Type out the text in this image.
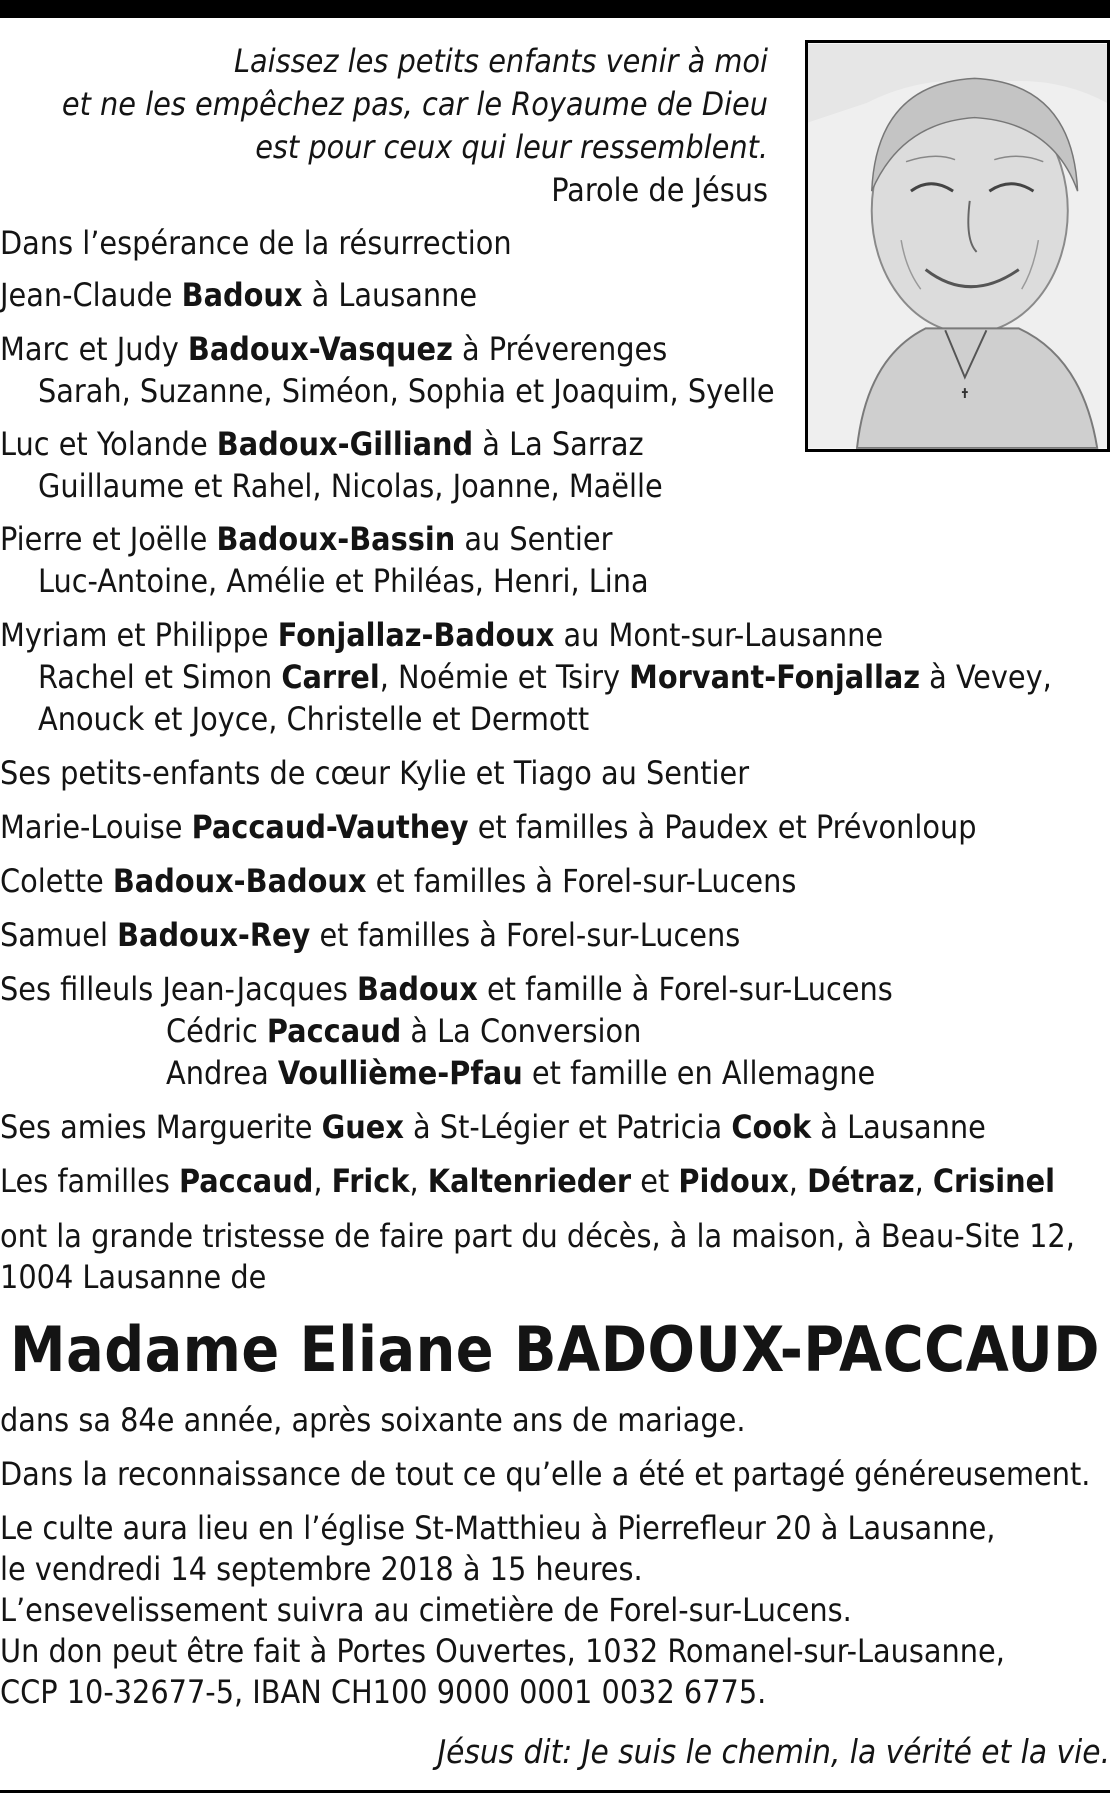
Laissez les petits enfants venir à moi
et ne les empêchez pas, car le Royaume de Dieu
est pour ceux qui leur ressemblent.
Parole de Jésus
Dans l’espérance de la résurrection
Jean-Claude Badoux à Lausanne
Marc et Judy Badoux-Vasquez à Préverenges
Sarah, Suzanne, Siméon, Sophia et Joaquim, Syelle
Luc et Yolande Badoux-Gilliand à La Sarraz
Guillaume et Rahel, Nicolas, Joanne, Maëlle
Pierre et Joëlle Badoux-Bassin au Sentier
Luc-Antoine, Amélie et Philéas, Henri, Lina
Myriam et Philippe Fonjallaz-Badoux au Mont-sur-Lausanne
Rachel et Simon Carrel, Noémie et Tsiry Morvant-Fonjallaz à Vevey,
Anouck et Joyce, Christelle et Dermott
Ses petits-enfants de cœur Kylie et Tiago au Sentier
Marie-Louise Paccaud-Vauthey et familles à Paudex et Prévonloup
Colette Badoux-Badoux et familles à Forel-sur-Lucens
Samuel Badoux-Rey et familles à Forel-sur-Lucens
Ses filleuls Jean-Jacques Badoux et famille à Forel-sur-Lucens
Cédric Paccaud à La Conversion
Andrea Voullième-Pfau et famille en Allemagne
Ses amies Marguerite Guex à St-Légier et Patricia Cook à Lausanne
Les familles Paccaud, Frick, Kaltenrieder et Pidoux, Détraz, Crisinel
ont la grande tristesse de faire part du décès, à la maison, à Beau-Site 12,
1004 Lausanne de
Madame Eliane BADOUX-PACCAUD
dans sa 84e année, après soixante ans de mariage.
Dans la reconnaissance de tout ce qu’elle a été et partagé généreusement.
Le culte aura lieu en l’église St-Matthieu à Pierrefleur 20 à Lausanne,
le vendredi 14 septembre 2018 à 15 heures.
L’ensevelissement suivra au cimetière de Forel-sur-Lucens.
Un don peut être fait à Portes Ouvertes, 1032 Romanel-sur-Lausanne,
CCP 10-32677-5, IBAN CH100 9000 0001 0032 6775.
Jésus dit: Je suis le chemin, la vérité et la vie.
